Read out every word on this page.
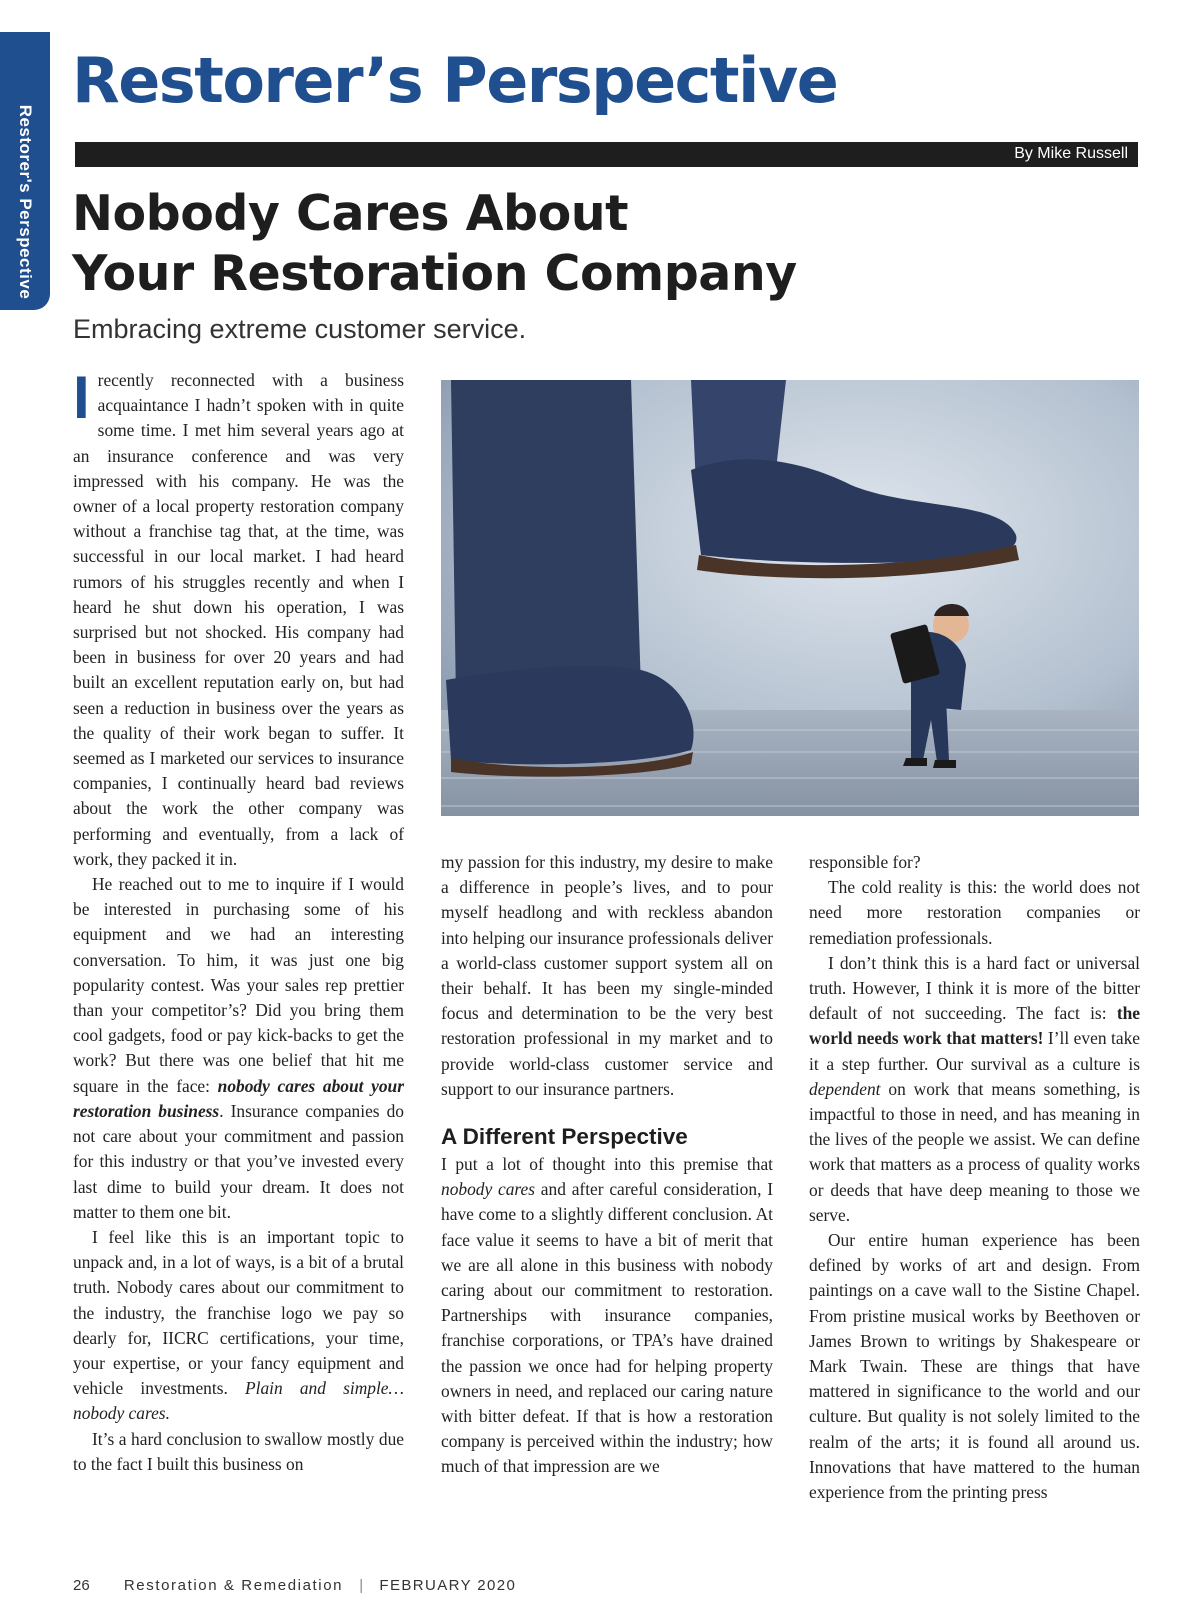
Restorer's Perspective
Restorer’s Perspective
By Mike Russell
Nobody Cares About
Your Restoration Company
Embracing extreme customer service.

Irecently reconnected with a business acquaintance I hadn’t spoken with in quite some time. I met him several years ago at an insurance conference and was very impressed with his company. He was the owner of a local property restoration company without a franchise tag that, at the time, was successful in our local market. I had heard rumors of his struggles recently and when I heard he shut down his operation, I was surprised but not shocked. His company had been in business for over 20 years and had built an excellent reputation early on, but had seen a reduction in business over the years as the quality of their work began to suffer. It seemed as I marketed our services to insurance companies, I continually heard bad reviews about the work the other company was performing and eventually, from a lack of work, they packed it in.

He reached out to me to inquire if I would be interested in purchasing some of his equipment and we had an interesting conversation. To him, it was just one big popularity contest. Was your sales rep prettier than your competitor’s? Did you bring them cool gadgets, food or pay kick-backs to get the work? But there was one belief that hit me square in the face: nobody cares about your restoration business. Insurance companies do not care about your commitment and passion for this industry or that you’ve invested every last dime to build your dream. It does not matter to them one bit.

I feel like this is an important topic to unpack and, in a lot of ways, is a bit of a brutal truth. Nobody cares about our commitment to the industry, the franchise logo we pay so dearly for, IICRC certifications, your time, your expertise, or your fancy equipment and vehicle investments. Plain and simple… nobody cares.

It’s a hard conclusion to swallow mostly due to the fact I built this business on

my passion for this industry, my desire to make a difference in people’s lives, and to pour myself headlong and with reckless abandon into helping our insurance professionals deliver a world-class customer support system all on their behalf. It has been my single-minded focus and determination to be the very best restoration professional in my market and to provide world-class customer service and support to our insurance partners.

A Different Perspective

I put a lot of thought into this premise that nobody cares and after careful consideration, I have come to a slightly different conclusion. At face value it seems to have a bit of merit that we are all alone in this business with nobody caring about our commitment to restoration. Partnerships with insurance companies, franchise corporations, or TPA’s have drained the passion we once had for helping property owners in need, and replaced our caring nature with bitter defeat. If that is how a restoration company is perceived within the industry; how much of that impression are we

responsible for?

The cold reality is this: the world does not need more restoration companies or remediation professionals.

I don’t think this is a hard fact or universal truth. However, I think it is more of the bitter default of not succeeding. The fact is: the world needs work that matters! I’ll even take it a step further. Our survival as a culture is dependent on work that means something, is impactful to those in need, and has meaning in the lives of the people we assist. We can define work that matters as a process of quality works or deeds that have deep meaning to those we serve.

Our entire human experience has been defined by works of art and design. From paintings on a cave wall to the Sistine Chapel. From pristine musical works by Beethoven or James Brown to writings by Shakespeare or Mark Twain. These are things that have mattered in significance to the world and our culture. But quality is not solely limited to the realm of the arts; it is found all around us. Innovations that have mattered to the human experience from the printing press

26 Restoration & Remediation | FEBRUARY 2020
